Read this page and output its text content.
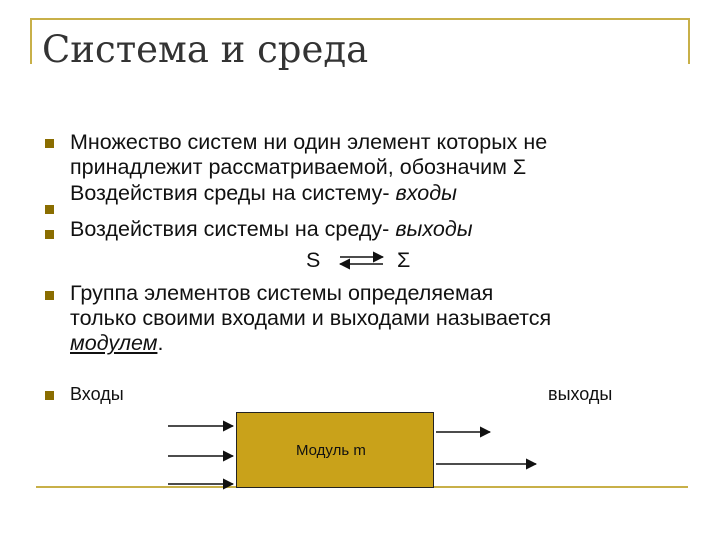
Система и среда
Множество систем ни один элемент которых не
принадлежит рассматриваемой, обозначим Σ
Воздействия среды на систему- входы
Воздействия системы на среду- выходы
S	Σ
Группа элементов системы определяемая
только своими входами и выходами называется
модулем.
Входы	выходы
Модуль m
